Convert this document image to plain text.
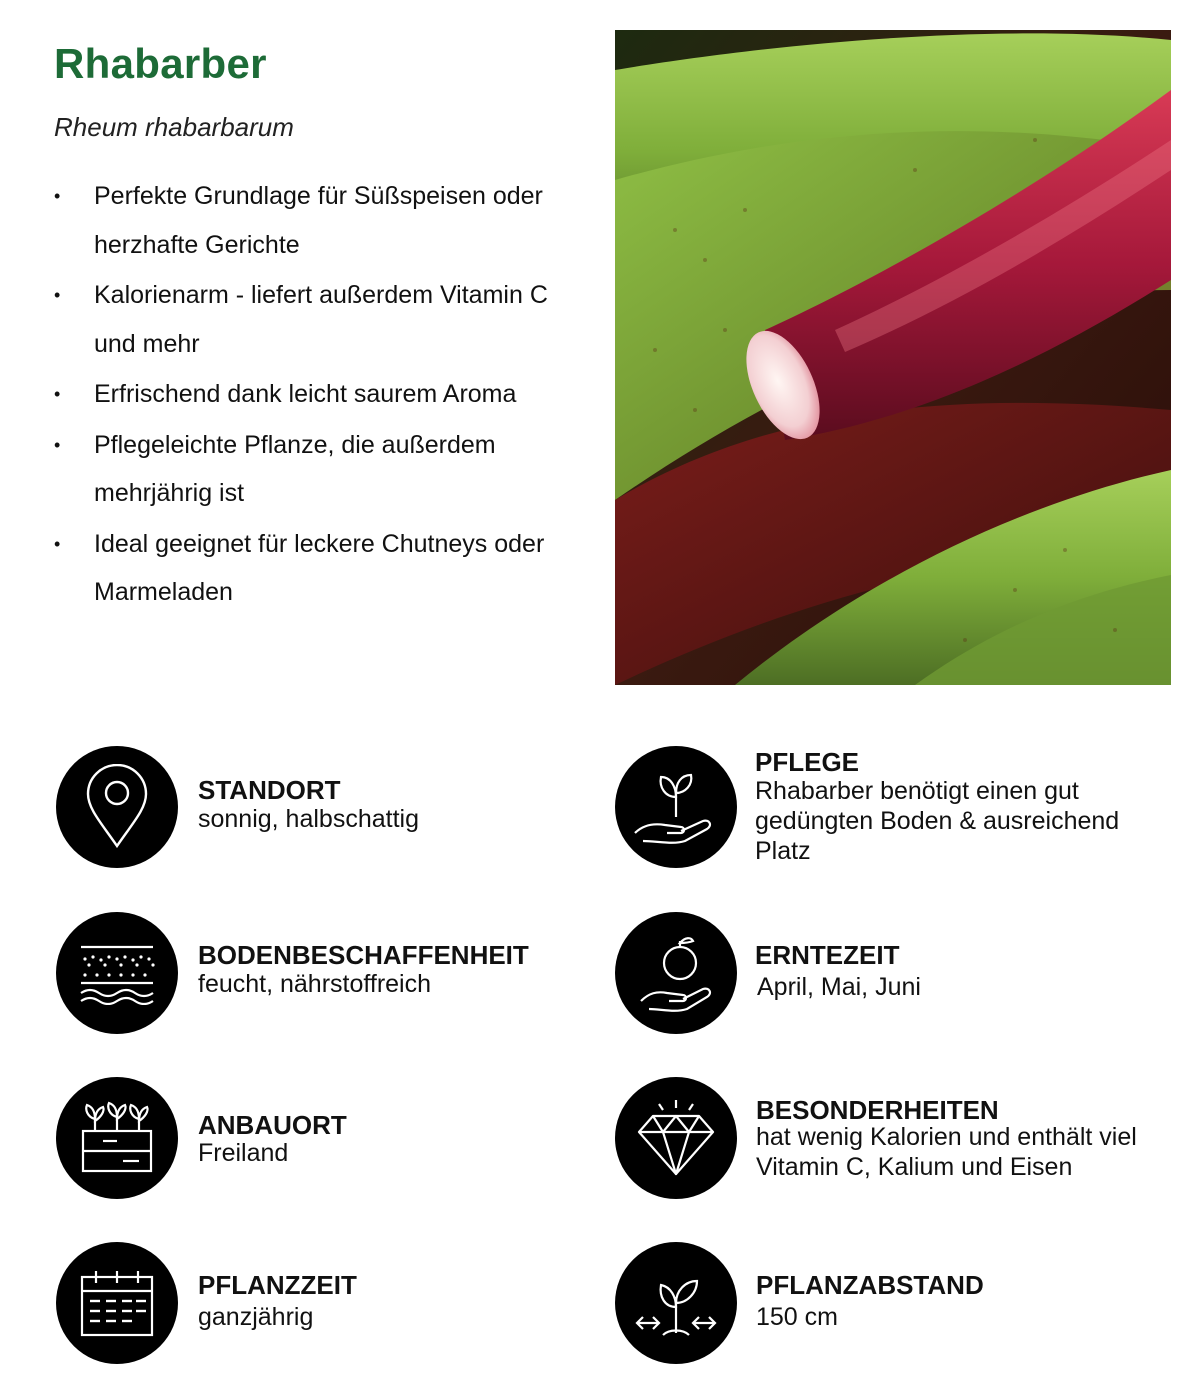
Rhabarber
Rheum rhabarbarum
• Perfekte Grundlage für Süßspeisen oder herzhafte Gerichte
• Kalorienarm - liefert außerdem Vitamin C und mehr
• Erfrischend dank leicht saurem Aroma
• Pflegeleichte Pflanze, die außerdem mehrjährig ist
• Ideal geeignet für leckere Chutneys oder Marmeladen
STANDORT
sonnig, halbschattig
BODENBESCHAFFENHEIT
feucht, nährstoffreich
ANBAUORT
Freiland
PFLANZZEIT
ganzjährig
PFLEGE
Rhabarber benötigt einen gut gedüngten Boden & ausreichend Platz
ERNTEZEIT
April, Mai, Juni
BESONDERHEITEN
hat wenig Kalorien und enthält viel Vitamin C, Kalium und Eisen
PFLANZABSTAND
150 cm
